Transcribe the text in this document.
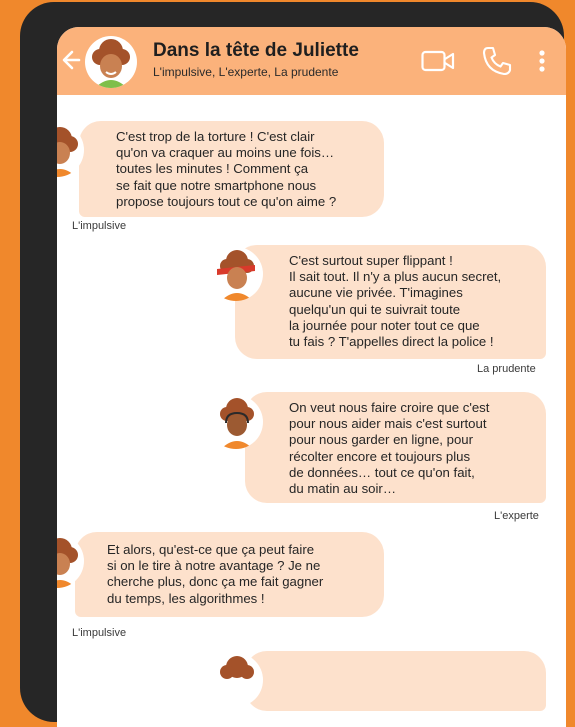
Dans la tête de Juliette
L'impulsive, L'experte, La prudente
C'est trop de la torture ! C'est clair
qu'on va craquer au moins une fois…
toutes les minutes ! Comment ça
se fait que notre smartphone nous
propose toujours tout ce qu'on aime ?
L'impulsive
C'est surtout super flippant !
Il sait tout. Il n'y a plus aucun secret,
aucune vie privée. T'imagines
quelqu'un qui te suivrait toute
la journée pour noter tout ce que
tu fais ? T'appelles direct la police !
La prudente
On veut nous faire croire que c'est
pour nous aider mais c'est surtout
pour nous garder en ligne, pour
récolter encore et toujours plus
de données… tout ce qu'on fait,
du matin au soir…
L'experte
Et alors, qu'est-ce que ça peut faire
si on le tire à notre avantage ? Je ne
cherche plus, donc ça me fait gagner
du temps, les algorithmes !
L'impulsive
